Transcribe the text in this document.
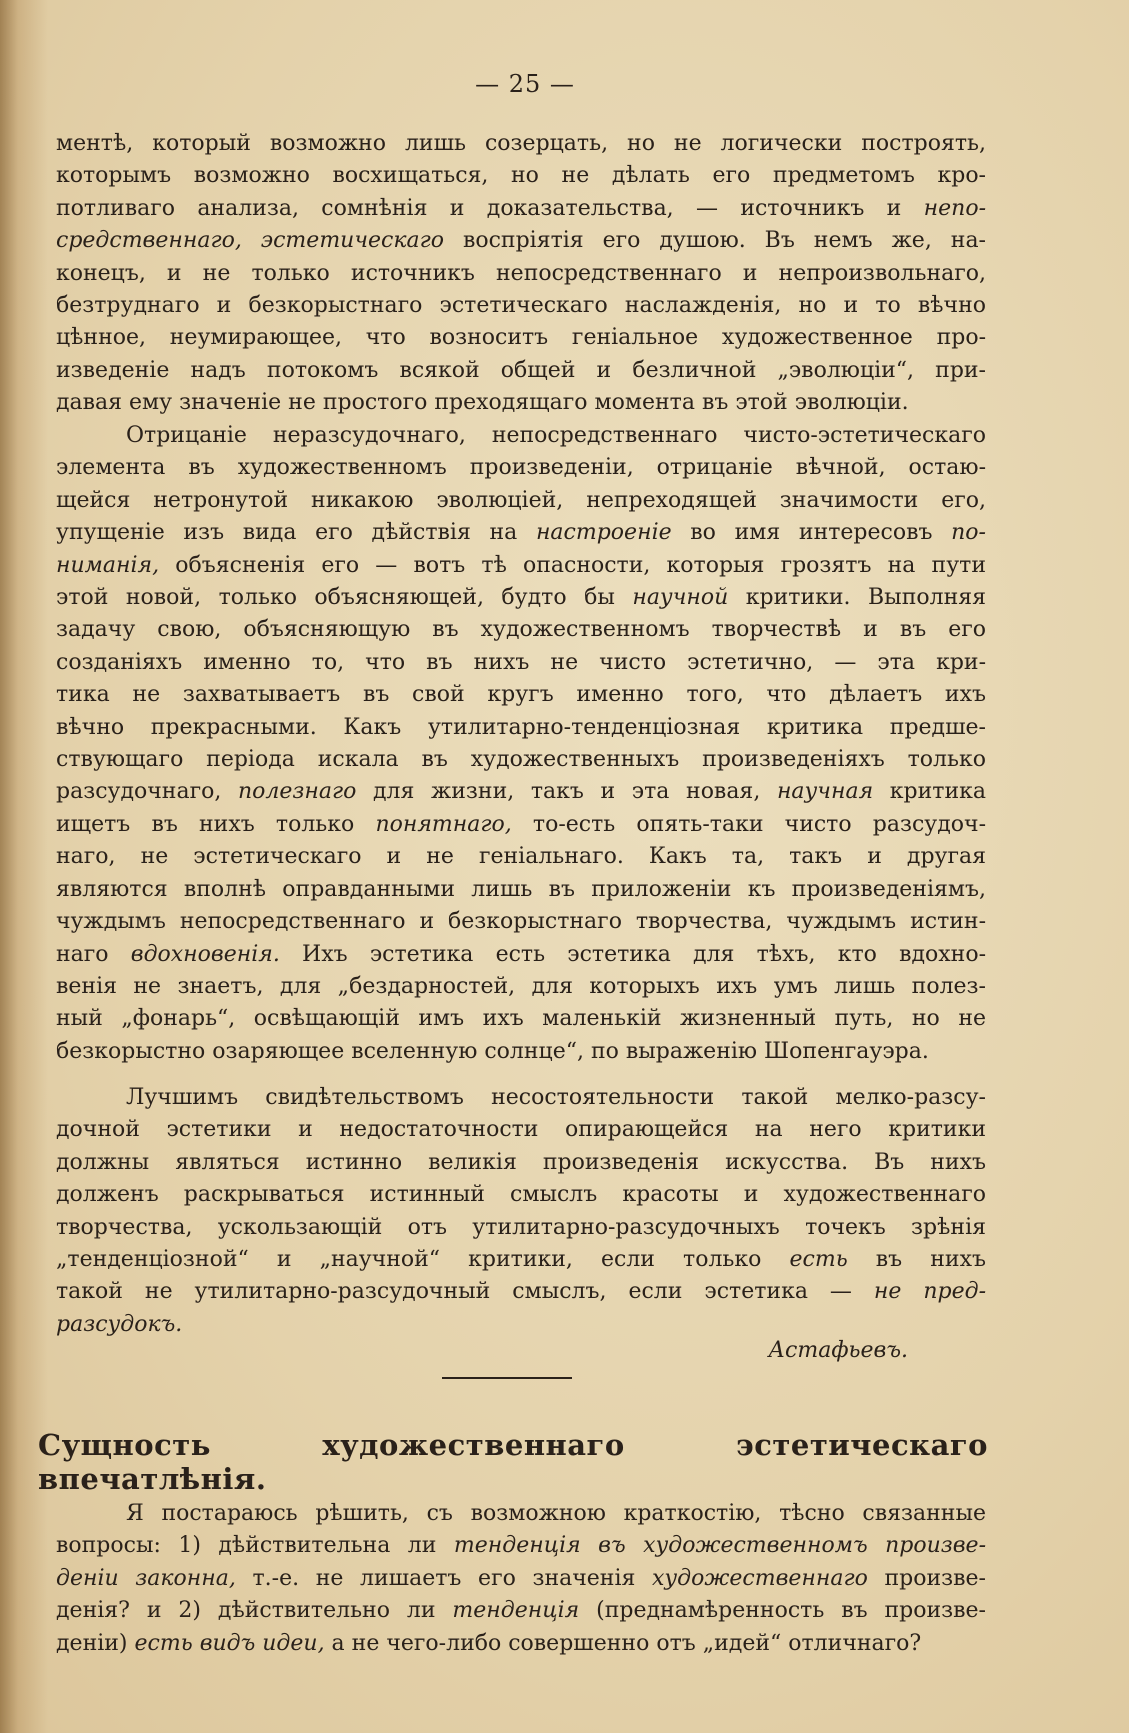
— 25 —
ментѣ, который возможно лишь созерцать, но не логически построять,
которымъ возможно восхищаться, но не дѣлать его предметомъ кро-
потливаго анализа, сомнѣнія и доказательства, — источникъ и непо-
средственнаго, эстетическаго воспріятія его душою. Въ немъ же, на-
конецъ, и не только источникъ непосредственнаго и непроизвольнаго,
безтруднаго и безкорыстнаго эстетическаго наслажденія, но и то вѣчно
цѣнное, неумирающее, что возноситъ геніальное художественное про-
изведеніе надъ потокомъ всякой общей и безличной „эволюціи“, при-
давая ему значеніе не простого преходящаго момента въ этой эволюціи.
Отрицаніе неразсудочнаго, непосредственнаго чисто-эстетическаго
элемента въ художественномъ произведеніи, отрицаніе вѣчной, остаю-
щейся нетронутой никакою эволюціей, непреходящей значимости его,
упущеніе изъ вида его дѣйствія на настроеніе во имя интересовъ по-
ниманія, объясненія его — вотъ тѣ опасности, которыя грозятъ на пути
этой новой, только объясняющей, будто бы научной критики. Выполняя
задачу свою, объясняющую въ художественномъ творчествѣ и въ его
созданіяхъ именно то, что въ нихъ не чисто эстетично, — эта кри-
тика не захватываетъ въ свой кругъ именно того, что дѣлаетъ ихъ
вѣчно прекрасными. Какъ утилитарно-тенденціозная критика предше-
ствующаго періода искала въ художественныхъ произведеніяхъ только
разсудочнаго, полезнаго для жизни, такъ и эта новая, научная критика
ищетъ въ нихъ только понятнаго, то-есть опять-таки чисто разсудоч-
наго, не эстетическаго и не геніальнаго. Какъ та, такъ и другая
являются вполнѣ оправданными лишь въ приложеніи къ произведеніямъ,
чуждымъ непосредственнаго и безкорыстнаго творчества, чуждымъ истин-
наго вдохновенія. Ихъ эстетика есть эстетика для тѣхъ, кто вдохно-
венія не знаетъ, для „бездарностей, для которыхъ ихъ умъ лишь полез-
ный „фонарь“, освѣщающій имъ ихъ маленькій жизненный путь, но не
безкорыстно озаряющее вселенную солнце“, по выраженію Шопенгауэра.
Лучшимъ свидѣтельствомъ несостоятельности такой мелко-разсу-
дочной эстетики и недостаточности опирающейся на него критики
должны являться истинно великія произведенія искусства. Въ нихъ
долженъ раскрываться истинный смыслъ красоты и художественнаго
творчества, ускользающій отъ утилитарно-разсудочныхъ точекъ зрѣнія
„тенденціозной“ и „научной“ критики, если только есть въ нихъ
такой не утилитарно-разсудочный смыслъ, если эстетика — не пред-
разсудокъ.
Астафьевъ.
Сущность художественнаго эстетическаго впечатлѣнія.
Я постараюсь рѣшить, съ возможною краткостію, тѣсно связанные
вопросы: 1) дѣйствительна ли тенденція въ художественномъ произве-
деніи законна, т.-е. не лишаетъ его значенія художественнаго произве-
денія? и 2) дѣйствительно ли тенденція (преднамѣренность въ произве-
деніи) есть видъ идеи, а не чего-либо совершенно отъ „идей“ отличнаго?
